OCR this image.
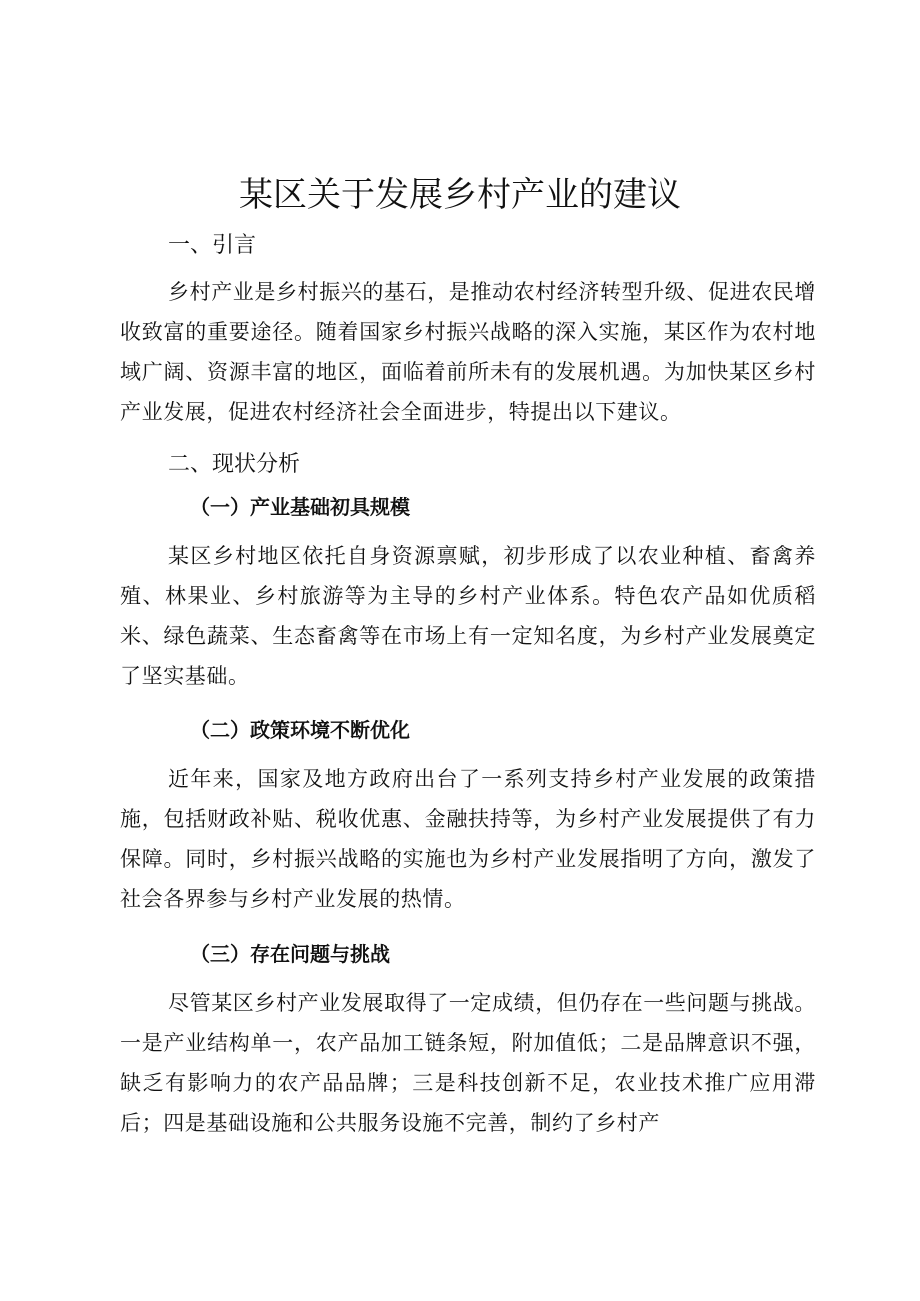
某区关于发展乡村产业的建议
一、引言

乡村产业是乡村振兴的基石，是推动农村经济转型升级、促进农民增收致富的重要途径。随着国家乡村振兴战略的深入实施，某区作为农村地域广阔、资源丰富的地区，面临着前所未有的发展机遇。为加快某区乡村产业发展，促进农村经济社会全面进步，特提出以下建议。

二、现状分析
（一）产业基础初具规模

某区乡村地区依托自身资源禀赋，初步形成了以农业种植、畜禽养殖、林果业、乡村旅游等为主导的乡村产业体系。特色农产品如优质稻米、绿色蔬菜、生态畜禽等在市场上有一定知名度，为乡村产业发展奠定了坚实基础。

（二）政策环境不断优化

近年来，国家及地方政府出台了一系列支持乡村产业发展的政策措施，包括财政补贴、税收优惠、金融扶持等，为乡村产业发展提供了有力保障。同时，乡村振兴战略的实施也为乡村产业发展指明了方向，激发了社会各界参与乡村产业发展的热情。

（三）存在问题与挑战

尽管某区乡村产业发展取得了一定成绩，但仍存在一些问题与挑战。一是产业结构单一，农产品加工链条短，附加值低；二是品牌意识不强，缺乏有影响力的农产品品牌；三是科技创新不足，农业技术推广应用滞后；四是基础设施和公共服务设施不完善，制约了乡村产
